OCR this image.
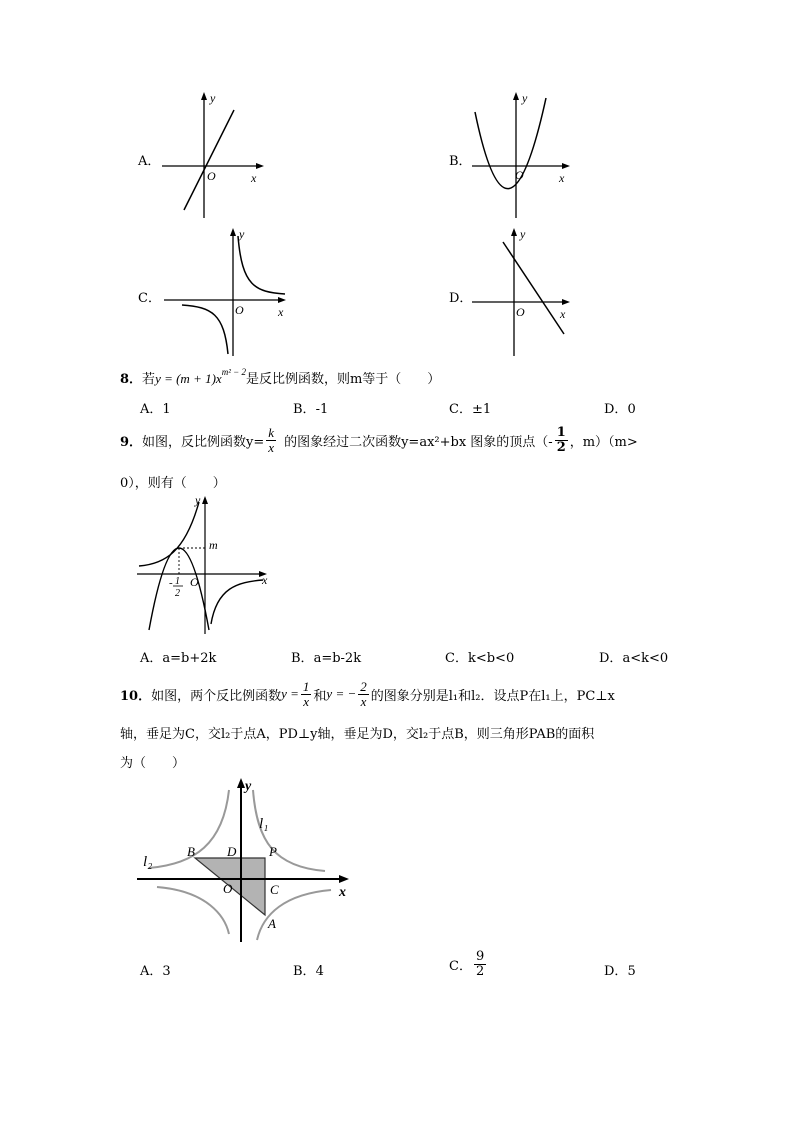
A．
y
x
O
B．
y
x
O
C．
y
x
O
D．
y
x
O
8．若$y = (m + 1)x^{m^2 - 2}$是反比例函数，则m等于（　　）
A．1	B．-1	C．±1	D．0
9． 如图，反比例函数$y= \frac{k}{x}$ 的图象经过二次函数y=ax²+bx 图象的顶点（- $\frac{1}{2}$ ，m）（m>
0），则有（　　）
y
x
m
O
- 1
2
A．a=b+2k	B．a=b-2k	C．k<b<0	D．a<k<0
10． 如图，两个反比例函数 $y = \frac{1}{x}$ 和 y = − $\frac{2}{x}$ 的图象分别是l₁和l₂．设点P在l₁上，PC⊥x
轴，垂足为C，交l₂于点A，PD⊥y轴，垂足为D，交l₂于点B，则三角形PAB的面积
为（　　）
y
x
l₁
l₂
B D	P
O	C
A
A．3	B．4	C． $\frac{9}{2}$	D．5
